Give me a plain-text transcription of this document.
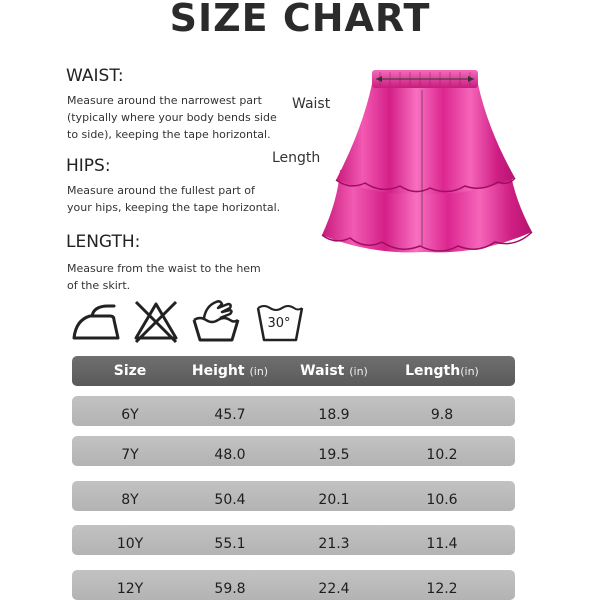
SIZE CHART
WAIST:
Measure around the narrowest part
(typically where your body bends side
to side), keeping the tape horizontal.
HIPS:
Measure around the fullest part of
your hips, keeping the tape horizontal.
LENGTH:
Measure from the waist to the hem
of the skirt.
Waist
Length
30°
Size	Height (in)	Waist (in)	Length(in)
6Y	45.7	18.9	9.8
7Y	48.0	19.5	10.2
8Y	50.4	20.1	10.6
10Y	55.1	21.3	11.4
12Y	59.8	22.4	12.2
